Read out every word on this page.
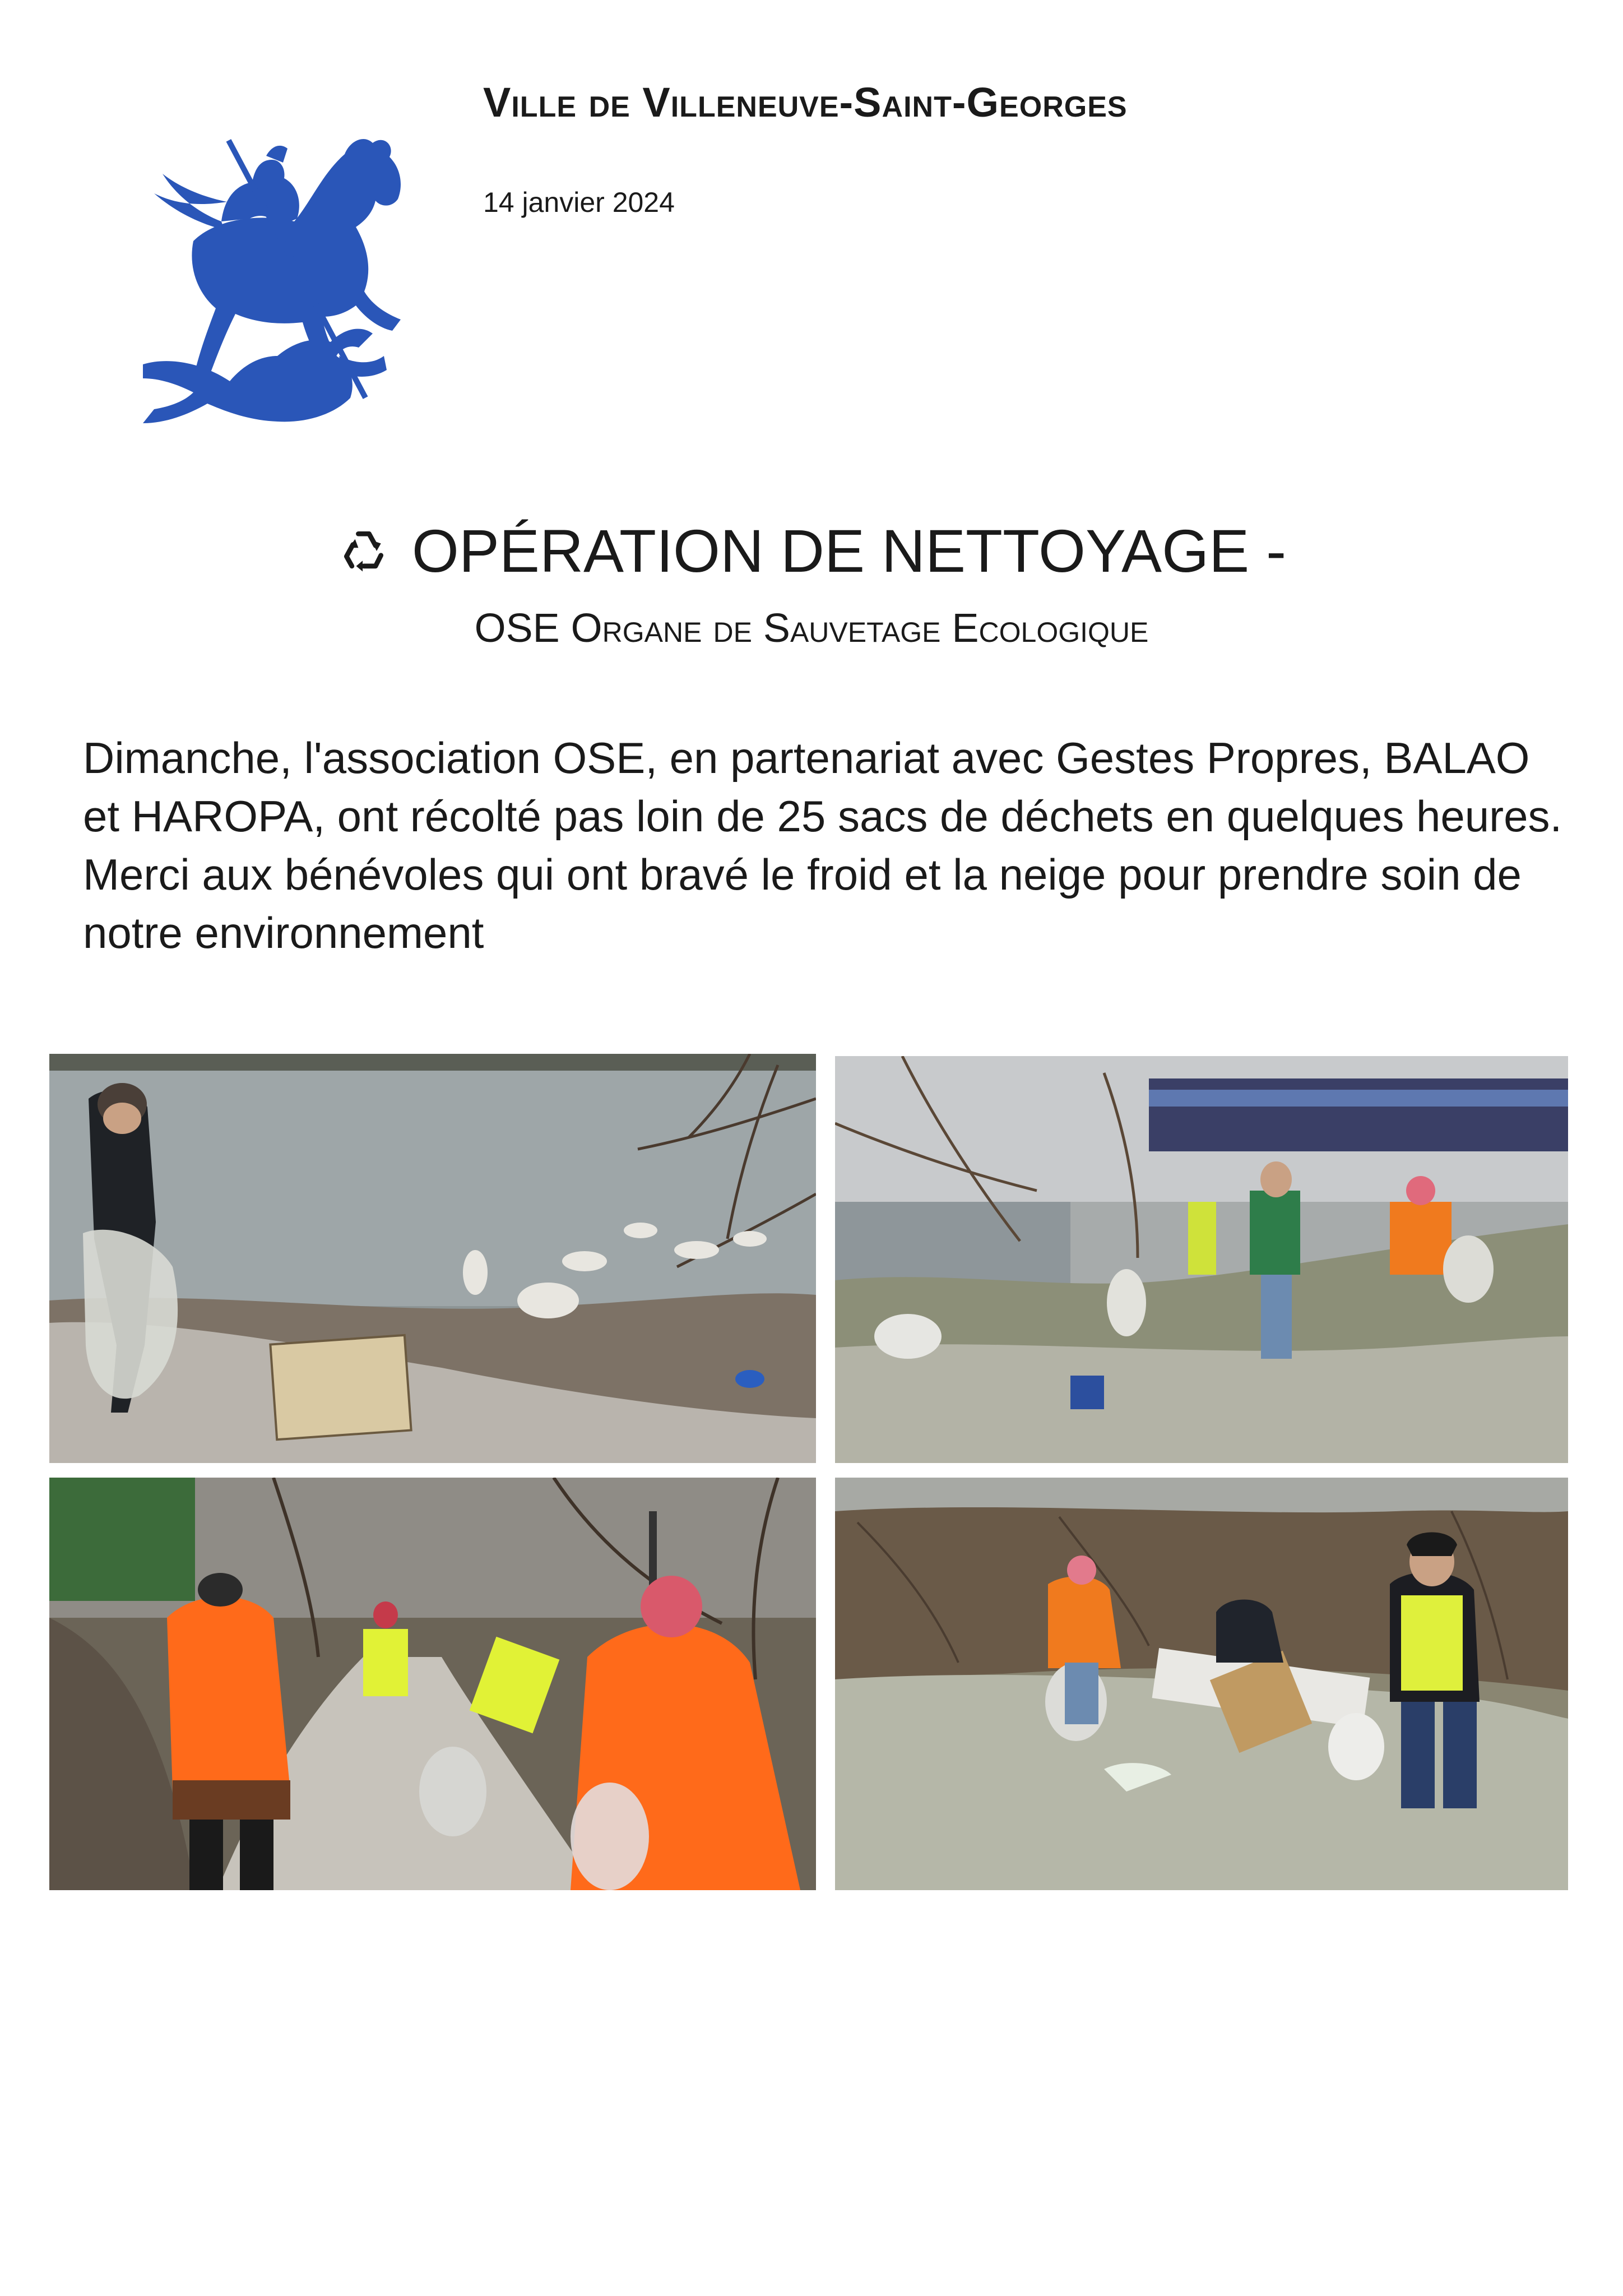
Ville de Villeneuve-Saint-Georges
14 janvier 2024
OPÉRATION DE NETTOYAGE -
OSE Organe de Sauvetage Ecologique

Dimanche, l'association OSE, en partenariat avec Gestes Propres, BALAO et HAROPA, ont récolté pas loin de 25 sacs de déchets en quelques heures. Merci aux bénévoles qui ont bravé le froid et la neige pour prendre soin de notre environnement
